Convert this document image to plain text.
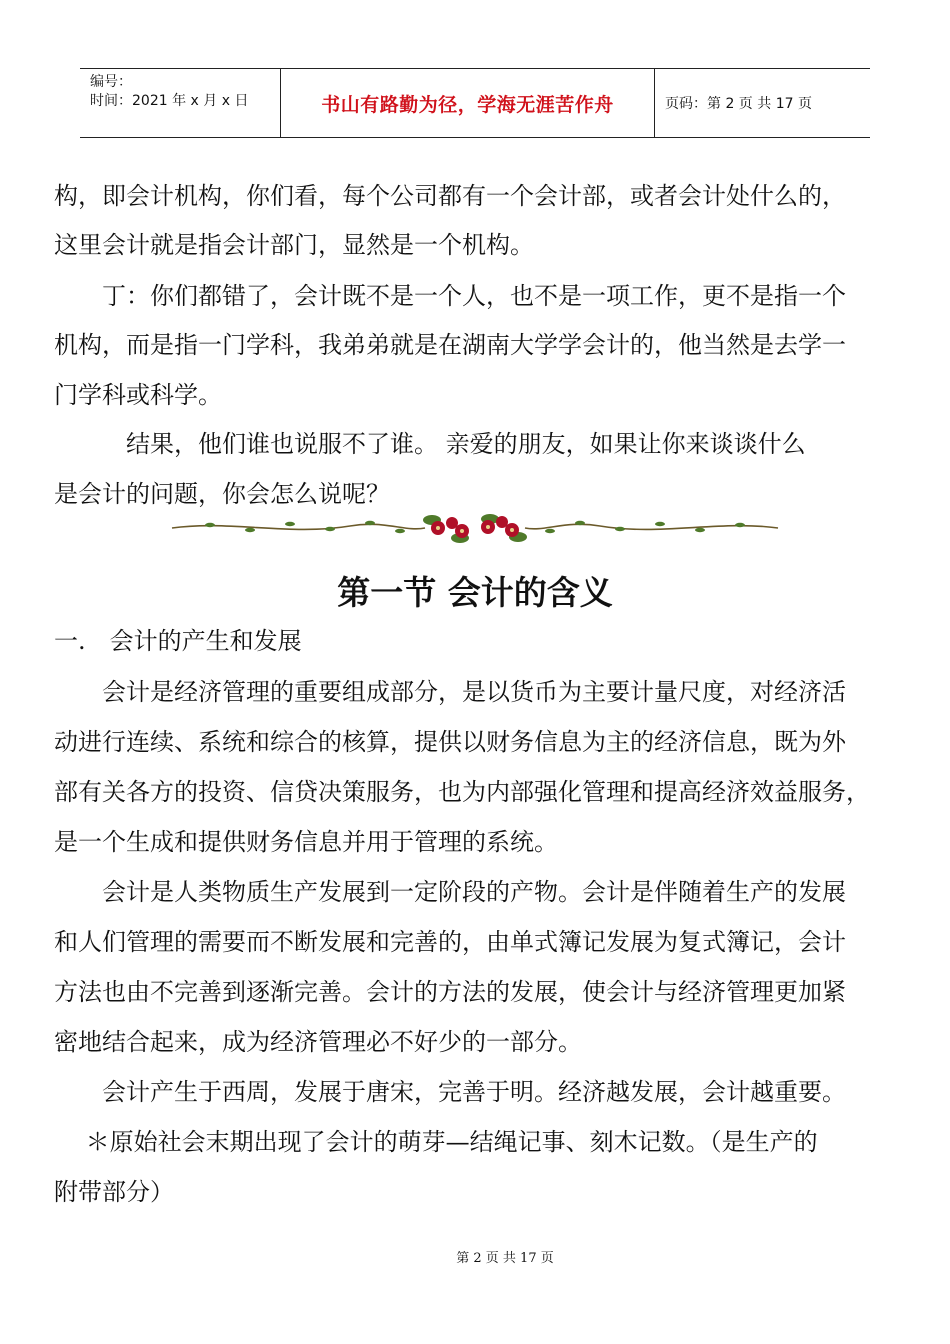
编号：
时间：2021 年 x 月 x 日	书山有路勤为径，学海无涯苦作舟	页码：第 2 页 共 17 页
构，即会计机构，你们看，每个公司都有一个会计部，或者会计处什么的，
这里会计就是指会计部门，显然是一个机构。
　　丁：你们都错了，会计既不是一个人，也不是一项工作，更不是指一个
机构，而是指一门学科，我弟弟就是在湖南大学学会计的，他当然是去学一
门学科或科学。
　　　结果，他们谁也说服不了谁。 亲爱的朋友，如果让你来谈谈什么
是会计的问题，你会怎么说呢？
第一节 会计的含义
一.　会计的产生和发展
　　会计是经济管理的重要组成部分，是以货币为主要计量尺度，对经济活
动进行连续、系统和综合的核算，提供以财务信息为主的经济信息，既为外
部有关各方的投资、信贷决策服务，也为内部强化管理和提高经济效益服务，
是一个生成和提供财务信息并用于管理的系统。
　　会计是人类物质生产发展到一定阶段的产物。会计是伴随着生产的发展
和人们管理的需要而不断发展和完善的，由单式簿记发展为复式簿记，会计
方法也由不完善到逐渐完善。会计的方法的发展，使会计与经济管理更加紧
密地结合起来，成为经济管理必不好少的一部分。
　　会计产生于西周，发展于唐宋，完善于明。经济越发展，会计越重要。
　 ＊原始社会末期出现了会计的萌芽—结绳记事、刻木记数。（是生产的
附带部分）
第 2 页 共 17 页
